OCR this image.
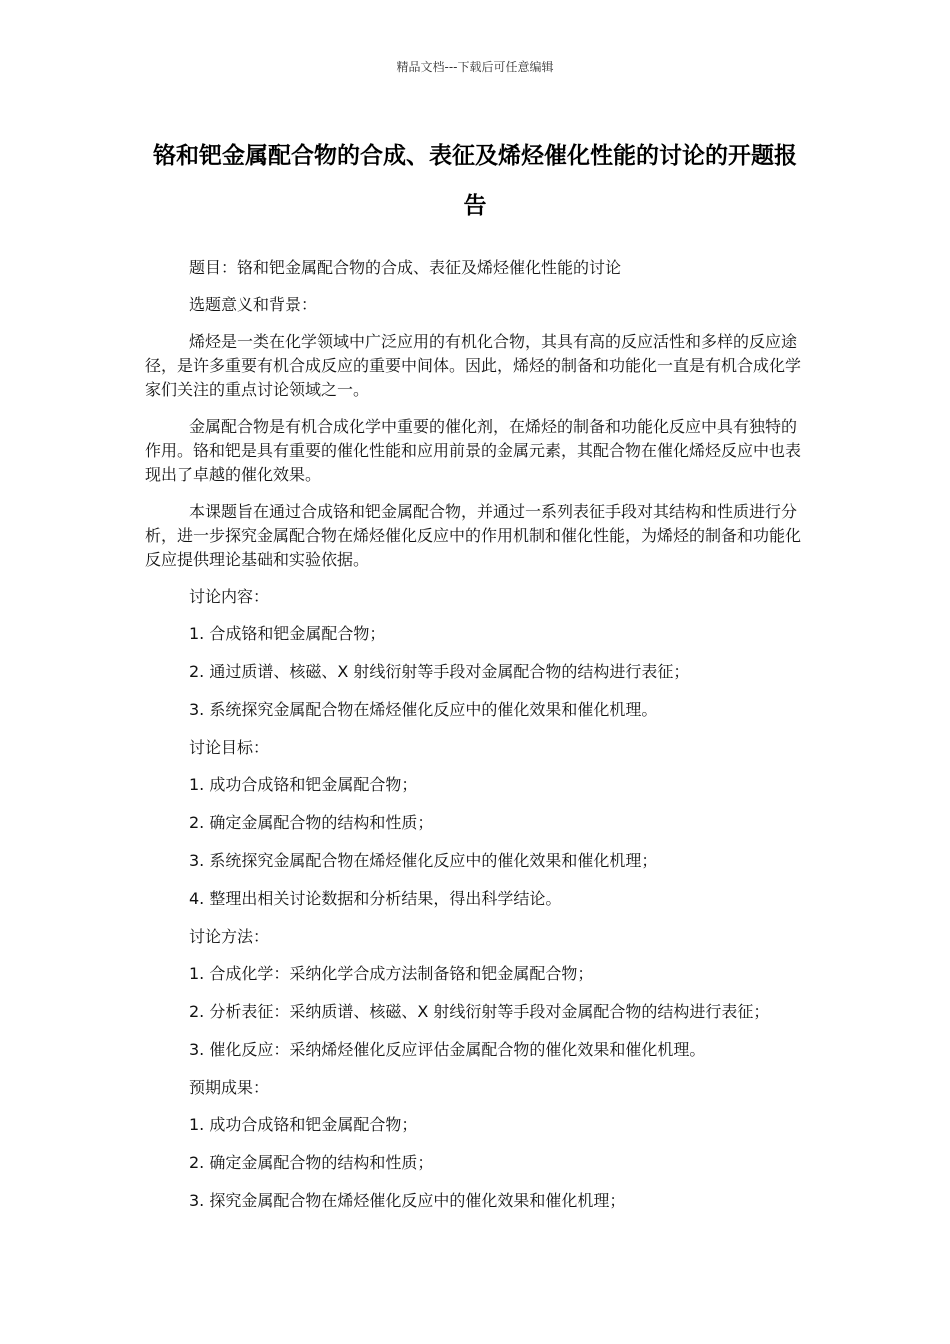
精品文档---下载后可任意编辑
铬和钯金属配合物的合成、表征及烯烃催化性能的讨论的开题报告
题目：铬和钯金属配合物的合成、表征及烯烃催化性能的讨论
选题意义和背景：
烯烃是一类在化学领域中广泛应用的有机化合物，其具有高的反应活性和多样的反应途径，是许多重要有机合成反应的重要中间体。因此，烯烃的制备和功能化一直是有机合成化学家们关注的重点讨论领域之一。
金属配合物是有机合成化学中重要的催化剂，在烯烃的制备和功能化反应中具有独特的作用。铬和钯是具有重要的催化性能和应用前景的金属元素，其配合物在催化烯烃反应中也表现出了卓越的催化效果。
本课题旨在通过合成铬和钯金属配合物，并通过一系列表征手段对其结构和性质进行分析，进一步探究金属配合物在烯烃催化反应中的作用机制和催化性能，为烯烃的制备和功能化反应提供理论基础和实验依据。
讨论内容：
1. 合成铬和钯金属配合物；
2. 通过质谱、核磁、X 射线衍射等手段对金属配合物的结构进行表征；
3. 系统探究金属配合物在烯烃催化反应中的催化效果和催化机理。
讨论目标：
1. 成功合成铬和钯金属配合物；
2. 确定金属配合物的结构和性质；
3. 系统探究金属配合物在烯烃催化反应中的催化效果和催化机理；
4. 整理出相关讨论数据和分析结果，得出科学结论。
讨论方法：
1. 合成化学：采纳化学合成方法制备铬和钯金属配合物；
2. 分析表征：采纳质谱、核磁、X 射线衍射等手段对金属配合物的结构进行表征；
3. 催化反应：采纳烯烃催化反应评估金属配合物的催化效果和催化机理。
预期成果：
1. 成功合成铬和钯金属配合物；
2. 确定金属配合物的结构和性质；
3. 探究金属配合物在烯烃催化反应中的催化效果和催化机理；
